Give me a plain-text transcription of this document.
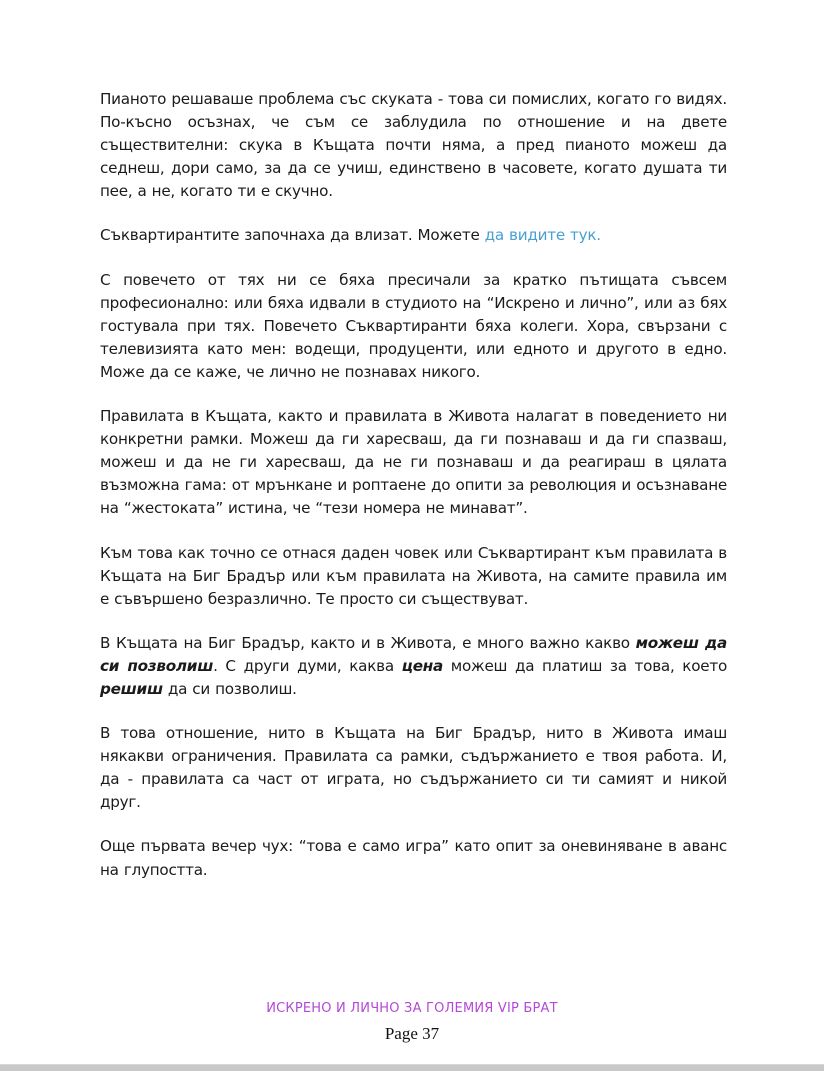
Пианото решаваше проблема със скуката - това си помислих, когато го видях. По-късно осъзнах, че съм се заблудила по отношение и на двете съществителни: скука в Къщата почти няма, а пред пианото можеш да седнеш, дори само, за да се учиш, единствено в часовете, когато душата ти пее, а не, когато ти е скучно.

Съквартирантите започнаха да влизат. Можете да видите тук.

С повечето от тях ни се бяха пресичали за кратко пътищата съвсем професионално: или бяха идвали в студиото на “Искрено и лично”, или аз бях гостувала при тях. Повечето Съквартиранти бяха колеги. Хора, свързани с телевизията като мен: водещи, продуценти, или едното и другото в едно. Може да се каже, че лично не познавах никого.

Правилата в Къщата, както и правилата в Живота налагат в поведението ни конкретни рамки. Можеш да ги харесваш, да ги познаваш и да ги спазваш, можеш и да не ги харесваш, да не ги познаваш и да реагираш в цялата възможна гама: от мрънкане и роптаене до опити за революция и осъзнаване на “жестоката” истина, че “тези номера не минават”.

Към това как точно се отнася даден човек или Съквартирант към правилата в Къщата на Биг Брадър или към правилата на Живота, на самите правила им е съвършено безразлично. Те просто си съществуват.

В Къщата на Биг Брадър, както и в Живота, е много важно какво можеш да си позволиш. С други думи, каква цена можеш да платиш за това, което решиш да си позволиш.

В това отношение, нито в Къщата на Биг Брадър, нито в Живота имаш някакви ограничения. Правилата са рамки, съдържанието е твоя работа. И, да - правилата са част от играта, но съдържанието си ти самият и никой друг.

Още първата вечер чух: “това е само игра” като опит за оневиняване в аванс на глупостта.

ИСКРЕНО И ЛИЧНО ЗА ГОЛЕМИЯ VIP БРАТ
Page 37
